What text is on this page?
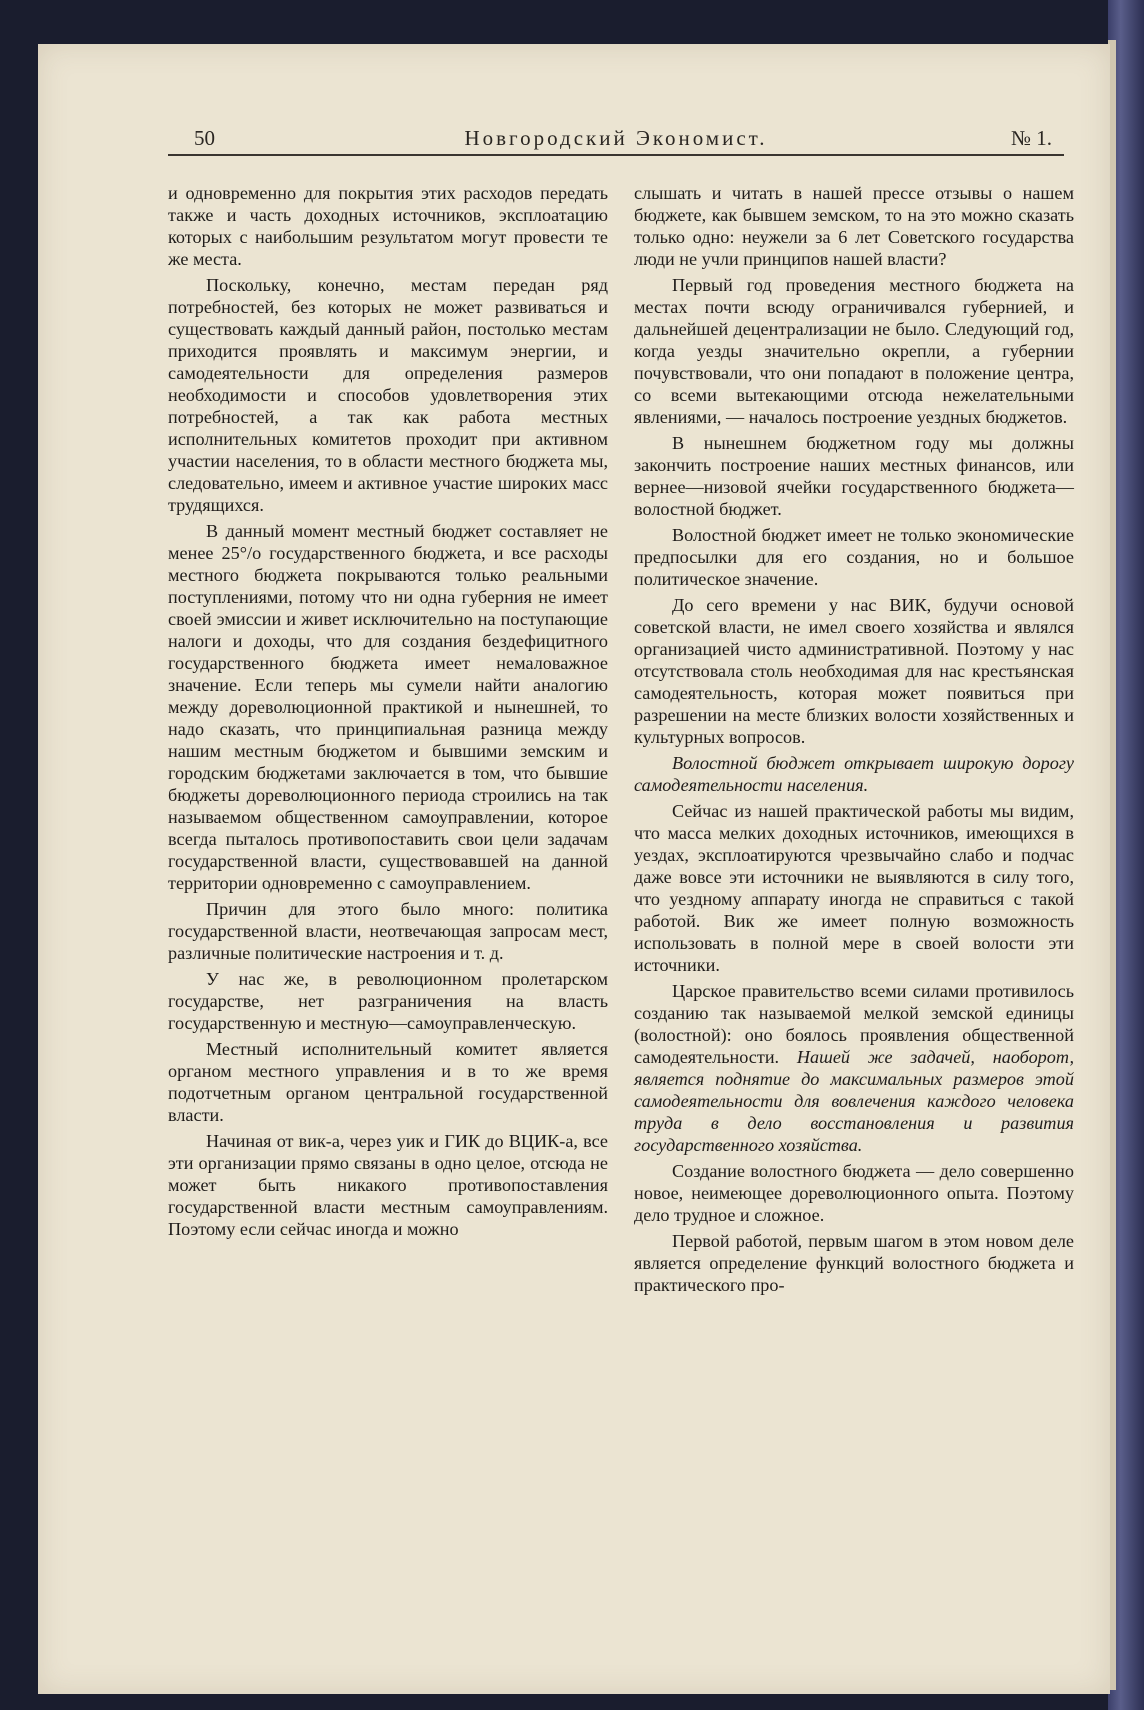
50	Новгородский Экономист.	№ 1.

и одновременно для покрытия этих расходов передать также и часть доходных источников, эксплоатацию которых с наибольшим результатом могут провести те же места.

Поскольку, конечно, местам передан ряд потребностей, без которых не может развиваться и существовать каждый данный район, постолько местам приходится проявлять и максимум энергии, и самодеятельности для определения размеров необходимости и способов удовлетворения этих потребностей, а так как работа местных исполнительных комитетов проходит при активном участии населения, то в области местного бюджета мы, следовательно, имеем и активное участие широких масс трудящихся.

В данный момент местный бюджет составляет не менее 25°/о государственного бюджета, и все расходы местного бюджета покрываются только реальными поступлениями, потому что ни одна губерния не имеет своей эмиссии и живет исключительно на поступающие налоги и доходы, что для создания бездефицитного государственного бюджета имеет немаловажное значение. Если теперь мы сумели найти аналогию между дореволюционной практикой и нынешней, то надо сказать, что принципиальная разница между нашим местным бюджетом и бывшими земским и городским бюджетами заключается в том, что бывшие бюджеты дореволюционного периода строились на так называемом общественном самоуправлении, которое всегда пыталось противопоставить свои цели задачам государственной власти, существовавшей на данной территории одновременно с самоуправлением.

Причин для этого было много: политика государственной власти, неотвечающая запросам мест, различные политические настроения и т. д.

У нас же, в революционном пролетарском государстве, нет разграничения на власть государственную и местную—самоуправленческую.

Местный исполнительный комитет является органом местного управления и в то же время подотчетным органом центральной государственной власти.

Начиная от вик-а, через уик и ГИК до ВЦИК-а, все эти организации прямо связаны в одно целое, отсюда не может быть никакого противопоставления государственной власти местным самоуправлениям. Поэтому если сейчас иногда и можно

слышать и читать в нашей прессе отзывы о нашем бюджете, как бывшем земском, то на это можно сказать только одно: неужели за 6 лет Советского государства люди не учли принципов нашей власти?

Первый год проведения местного бюджета на местах почти всюду ограничивался губернией, и дальнейшей децентрализации не было. Следующий год, когда уезды значительно окрепли, а губернии почувствовали, что они попадают в положение центра, со всеми вытекающими отсюда нежелательными явлениями, — началось построение уездных бюджетов.

В нынешнем бюджетном году мы должны закончить построение наших местных финансов, или вернее—низовой ячейки государственного бюджета—волостной бюджет.

Волостной бюджет имеет не только экономические предпосылки для его создания, но и большое политическое значение.

До сего времени у нас ВИК, будучи основой советской власти, не имел своего хозяйства и являлся организацией чисто административной. Поэтому у нас отсутствовала столь необходимая для нас крестьянская самодеятельность, которая может появиться при разрешении на месте близких волости хозяйственных и культурных вопросов.

Волостной бюджет открывает широкую дорогу самодеятельности населения.

Сейчас из нашей практической работы мы видим, что масса мелких доходных источников, имеющихся в уездах, эксплоатируются чрезвычайно слабо и подчас даже вовсе эти источники не выявляются в силу того, что уездному аппарату иногда не справиться с такой работой. Вик же имеет полную возможность использовать в полной мере в своей волости эти источники.

Царское правительство всеми силами противилось созданию так называемой мелкой земской единицы (волостной): оно боялось проявления общественной самодеятельности. Нашей же задачей, наоборот, является поднятие до максимальных размеров этой самодеятельности для вовлечения каждого человека труда в дело восстановления и развития государственного хозяйства.

Создание волостного бюджета — дело совершенно новое, неимеющее дореволюционного опыта. Поэтому дело трудное и сложное.

Первой работой, первым шагом в этом новом деле является определение функций волостного бюджета и практического про-
